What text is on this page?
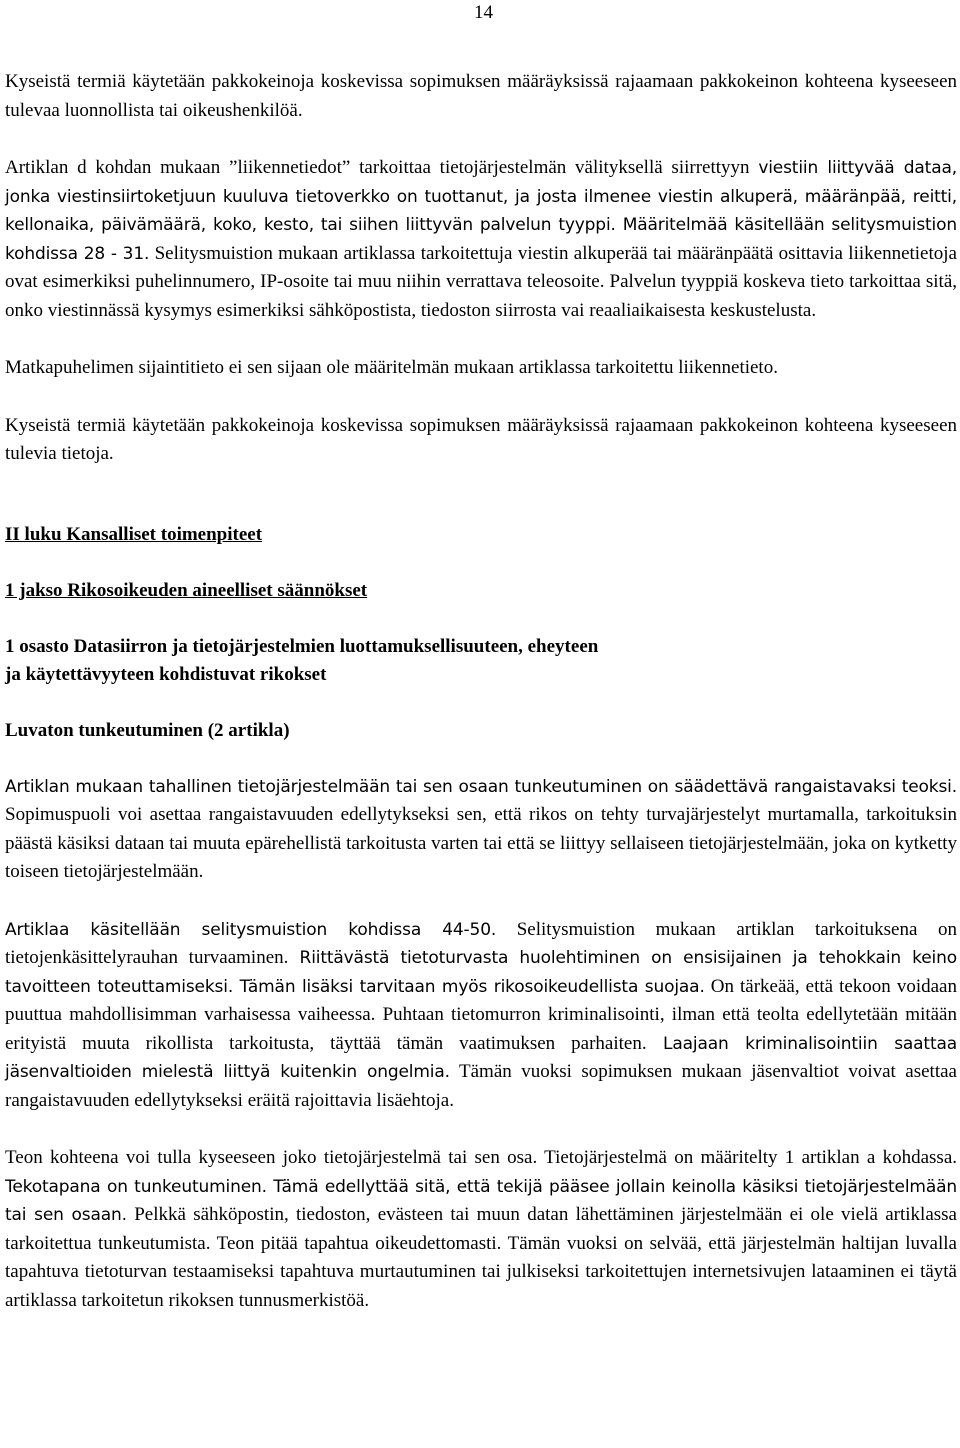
14

Kyseistä termiä käytetään pakkokeinoja koskevissa sopimuksen määräyksissä rajaamaan pakkokeinon kohteena kyseeseen tulevaa luonnollista tai oikeushenkilöä.

Artiklan d kohdan mukaan ”liikennetiedot” tarkoittaa tietojärjestelmän välityksellä siirrettyyn viestiin liittyvää dataa, jonka viestinsiirtoketjuun kuuluva tietoverkko on tuottanut, ja josta ilmenee viestin alkuperä, määränpää, reitti, kellonaika, päivämäärä, koko, kesto, tai siihen liittyvän palvelun tyyppi. Määritelmää käsitellään selitysmuistion kohdissa 28 - 31. Selitysmuistion mukaan artiklassa tarkoitettuja viestin alkuperää tai määränpäätä osittavia liikennetietoja ovat esimerkiksi puhelinnumero, IP-osoite tai muu niihin verrattava teleosoite. Palvelun tyyppiä koskeva tieto tarkoittaa sitä, onko viestinnässä kysymys esimerkiksi sähköpostista, tiedoston siirrosta vai reaaliaikaisesta keskustelusta.

Matkapuhelimen sijaintitieto ei sen sijaan ole määritelmän mukaan artiklassa tarkoitettu liikennetieto.

Kyseistä termiä käytetään pakkokeinoja koskevissa sopimuksen määräyksissä rajaamaan pakkokeinon kohteena kyseeseen tulevia tietoja.

II luku Kansalliset toimenpiteet
1 jakso Rikosoikeuden aineelliset säännökset
1 osasto Datasiirron ja tietojärjestelmien luottamuksellisuuteen, eheyteen
ja käytettävyyteen kohdistuvat rikokset
Luvaton tunkeutuminen (2 artikla)

Artiklan mukaan tahallinen tietojärjestelmään tai sen osaan tunkeutuminen on säädettävä rangaistavaksi teoksi. Sopimuspuoli voi asettaa rangaistavuuden edellytykseksi sen, että rikos on tehty turvajärjestelyt murtamalla, tarkoituksin päästä käsiksi dataan tai muuta epärehellistä tarkoitusta varten tai että se liittyy sellaiseen tietojärjestelmään, joka on kytketty toiseen tietojärjestelmään.

Artiklaa käsitellään selitysmuistion kohdissa 44-50. Selitysmuistion mukaan artiklan tarkoituksena on tietojenkäsittelyrauhan turvaaminen. Riittävästä tietoturvasta huolehtiminen on ensisijainen ja tehokkain keino tavoitteen toteuttamiseksi. Tämän lisäksi tarvitaan myös rikosoikeudellista suojaa. On tärkeää, että tekoon voidaan puuttua mahdollisimman varhaisessa vaiheessa. Puhtaan tietomurron kriminalisointi, ilman että teolta edellytetään mitään erityistä muuta rikollista tarkoitusta, täyttää tämän vaatimuksen parhaiten. Laajaan kriminalisointiin saattaa jäsenvaltioiden mielestä liittyä kuitenkin ongelmia. Tämän vuoksi sopimuksen mukaan jäsenvaltiot voivat asettaa rangaistavuuden edellytykseksi eräitä rajoittavia lisäehtoja.

Teon kohteena voi tulla kyseeseen joko tietojärjestelmä tai sen osa. Tietojärjestelmä on määritelty 1 artiklan a kohdassa. Tekotapana on tunkeutuminen. Tämä edellyttää sitä, että tekijä pääsee jollain keinolla käsiksi tietojärjestelmään tai sen osaan. Pelkkä sähköpostin, tiedoston, evästeen tai muun datan lähettäminen järjestelmään ei ole vielä artiklassa tarkoitettua tunkeutumista. Teon pitää tapahtua oikeudettomasti. Tämän vuoksi on selvää, että järjestelmän haltijan luvalla tapahtuva tietoturvan testaamiseksi tapahtuva murtautuminen tai julkiseksi tarkoitettujen internetsivujen lataaminen ei täytä artiklassa tarkoitetun rikoksen tunnusmerkistöä.
